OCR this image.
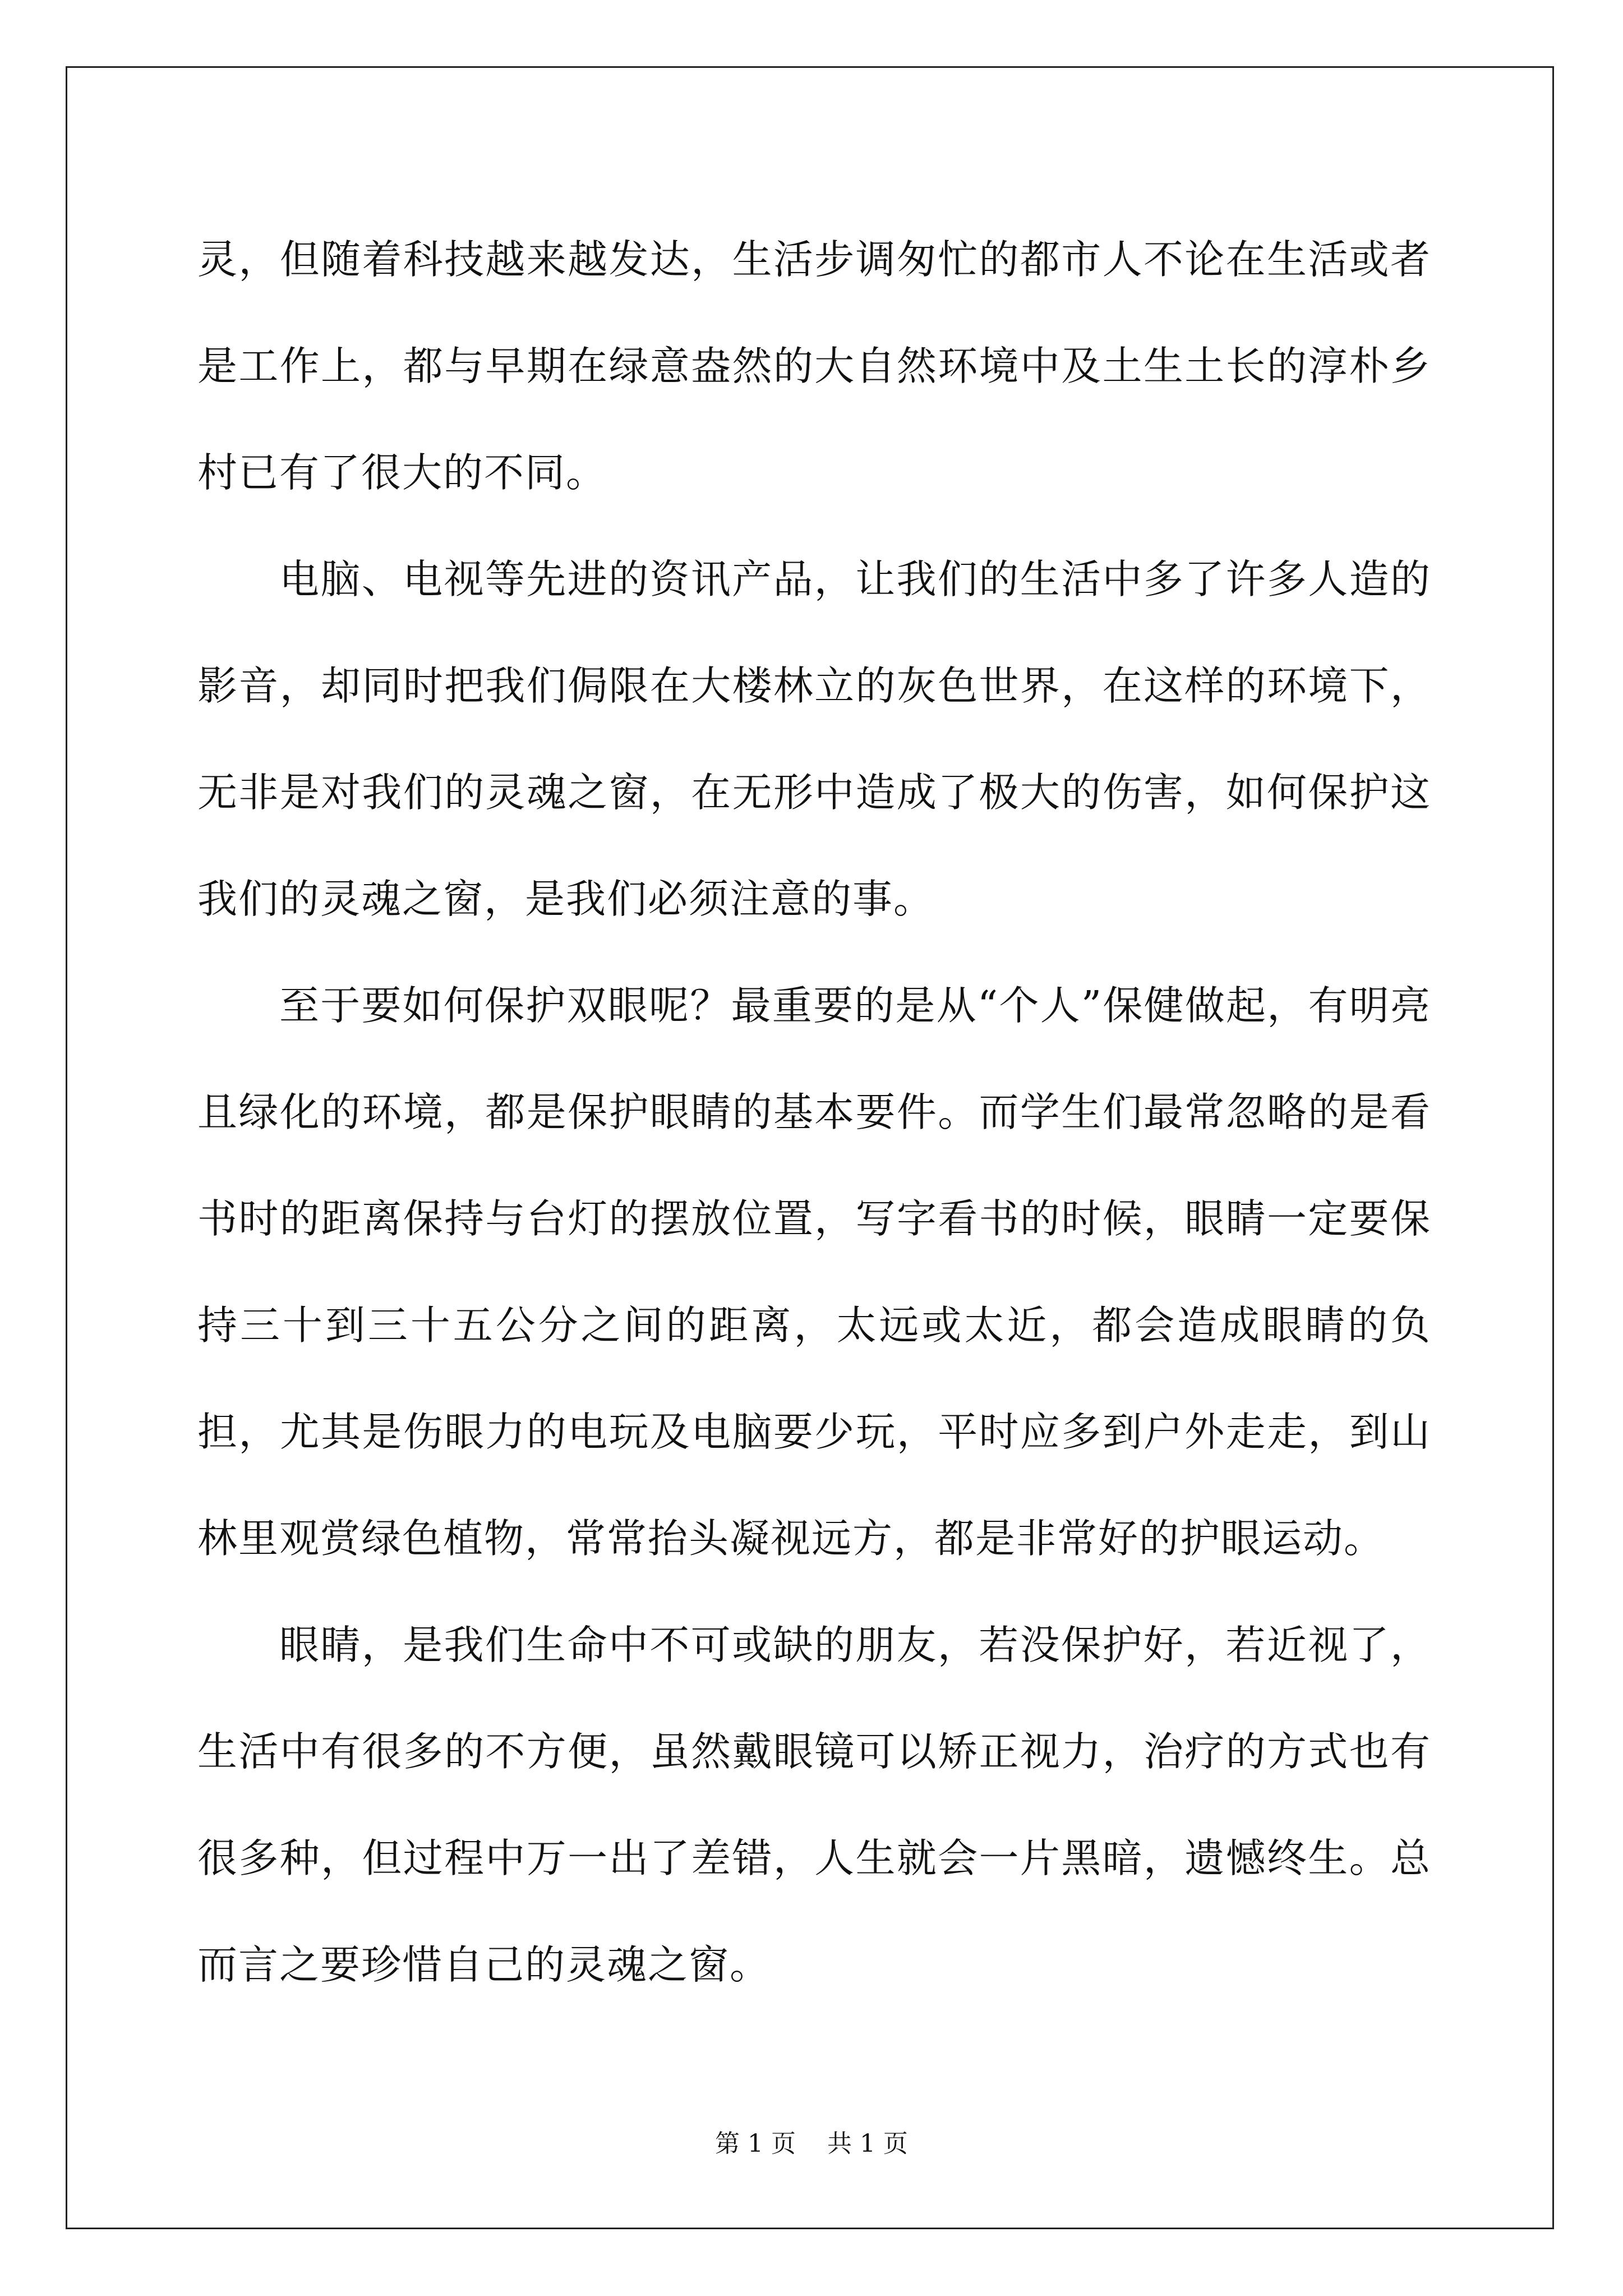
灵，但随着科技越来越发达，生活步调匆忙的都市人不论在生活或者是工作上，都与早期在绿意盎然的大自然环境中及土生土长的淳朴乡村已有了很大的不同。

电脑、电视等先进的资讯产品，让我们的生活中多了许多人造的影音，却同时把我们侷限在大楼林立的灰色世界，在这样的环境下，无非是对我们的灵魂之窗，在无形中造成了极大的伤害，如何保护这我们的灵魂之窗，是我们必须注意的事。

至于要如何保护双眼呢？最重要的是从“个人”保健做起，有明亮且绿化的环境，都是保护眼睛的基本要件。而学生们最常忽略的是看书时的距离保持与台灯的摆放位置，写字看书的时候，眼睛一定要保持三十到三十五公分之间的距离，太远或太近，都会造成眼睛的负担，尤其是伤眼力的电玩及电脑要少玩，平时应多到户外走走，到山林里观赏绿色植物，常常抬头凝视远方，都是非常好的护眼运动。

眼睛，是我们生命中不可或缺的朋友，若没保护好，若近视了，生活中有很多的不方便，虽然戴眼镜可以矫正视力，治疗的方式也有很多种，但过程中万一出了差错，人生就会一片黑暗，遗憾终生。总而言之要珍惜自己的灵魂之窗。

第 1 页    共 1 页
